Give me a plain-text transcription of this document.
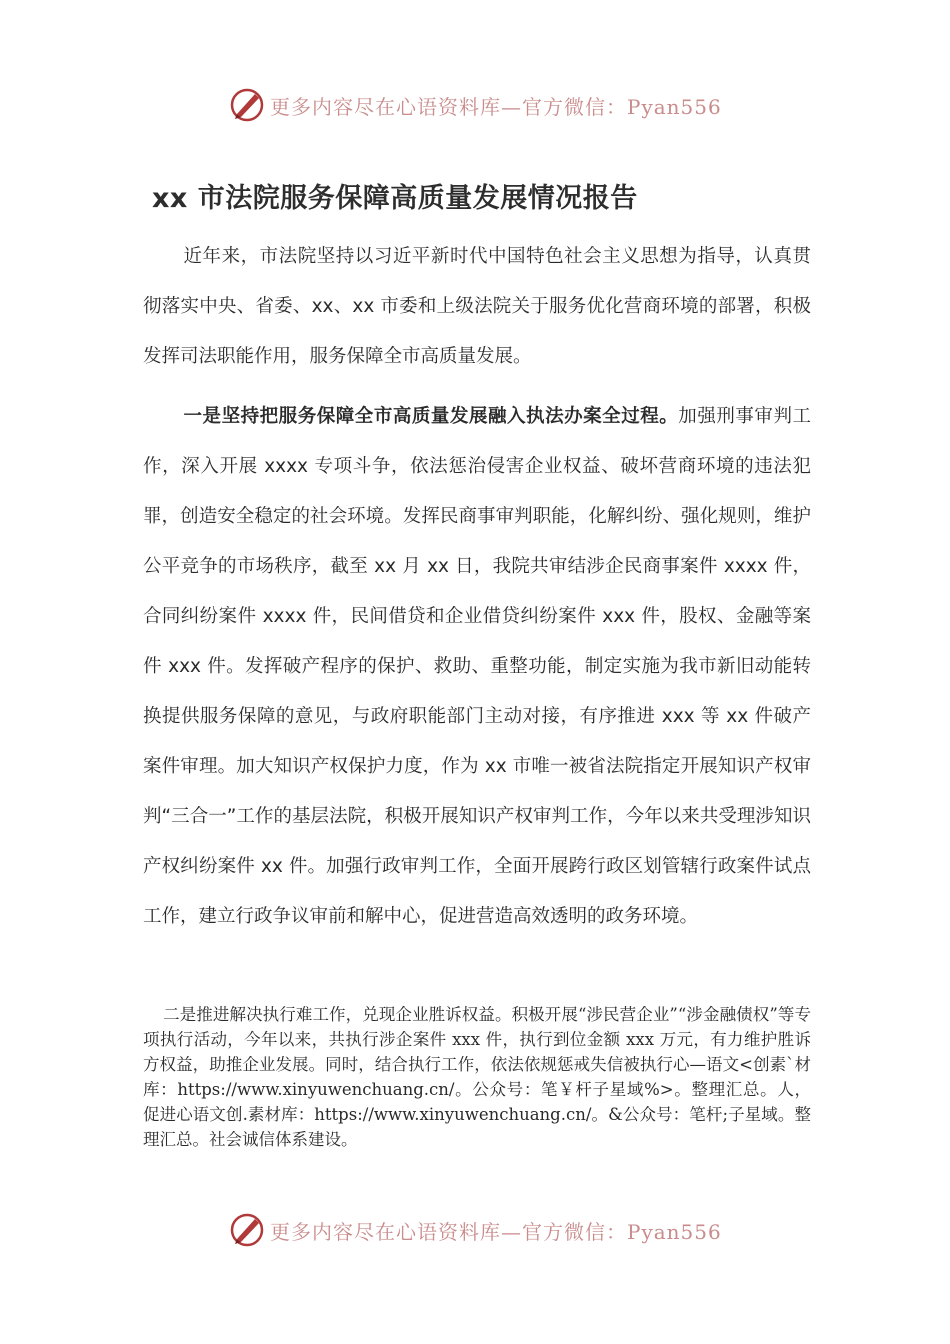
更多内容尽在心语资料库—官方微信：Pyan556
xx 市法院服务保障高质量发展情况报告

近年来，市法院坚持以习近平新时代中国特色社会主义思想为指导，认真贯彻落实中央、省委、xx、xx 市委和上级法院关于服务优化营商环境的部署，积极发挥司法职能作用，服务保障全市高质量发展。

一是坚持把服务保障全市高质量发展融入执法办案全过程。加强刑事审判工作，深入开展 xxxx 专项斗争，依法惩治侵害企业权益、破坏营商环境的违法犯罪，创造安全稳定的社会环境。发挥民商事审判职能，化解纠纷、强化规则，维护公平竞争的市场秩序，截至 xx 月 xx 日，我院共审结涉企民商事案件 xxxx 件，合同纠纷案件 xxxx 件，民间借贷和企业借贷纠纷案件 xxx 件，股权、金融等案件 xxx 件。发挥破产程序的保护、救助、重整功能，制定实施为我市新旧动能转换提供服务保障的意见，与政府职能部门主动对接，有序推进 xxx 等 xx 件破产案件审理。加大知识产权保护力度，作为 xx 市唯一被省法院指定开展知识产权审判“三合一”工作的基层法院，积极开展知识产权审判工作，今年以来共受理涉知识产权纠纷案件 xx 件。加强行政审判工作，全面开展跨行政区划管辖行政案件试点工作，建立行政争议审前和解中心，促进营造高效透明的政务环境。

二是推进解决执行难工作，兑现企业胜诉权益。积极开展“涉民营企业”“涉金融债权”等专项执行活动，今年以来，共执行涉企案件 xxx 件，执行到位金额 xxx 万元，有力维护胜诉方权益，助推企业发展。同时，结合执行工作，依法依规惩戒失信被执行心—语文<创素`材库：https://www.xinyuwenchuang.cn/。公众号：笔￥杆子星域%>。整理汇总。人，促进心语文创.素材库：https://www.xinyuwenchuang.cn/。&公众号：笔杆;子星域。整理汇总。社会诚信体系建设。

更多内容尽在心语资料库—官方微信：Pyan556
